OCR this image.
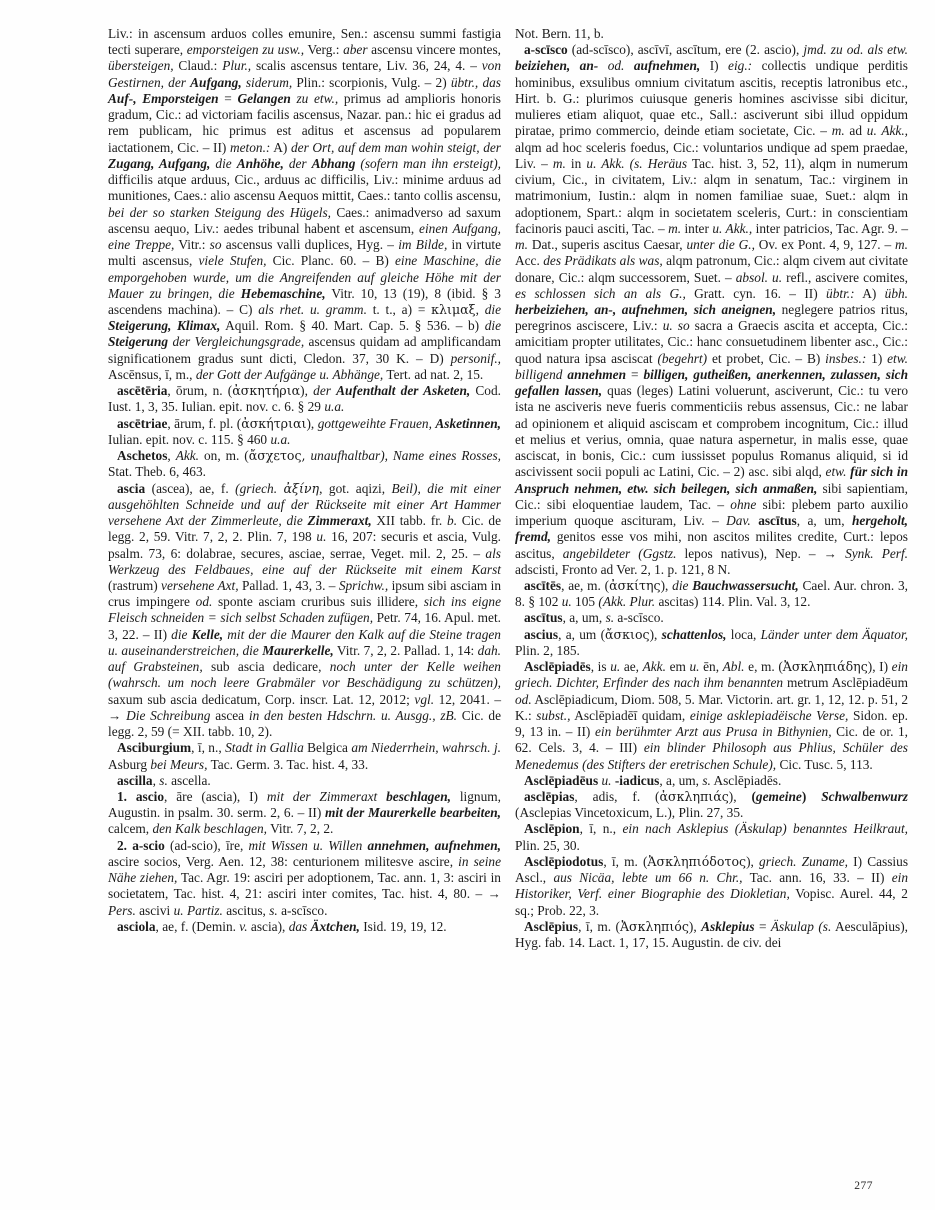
Liv.: in ascensum arduos colles emunire, Sen.: ascensu summi fastigia tecti superare, emporsteigen zu usw., Verg.: aber ascensu vincere montes, übersteigen, Claud.: Plur., scalis ascensus tentare, Liv. 36, 24, 4. – von Gestirnen, der Aufgang, siderum, Plin.: scorpionis, Vulg. – 2) übtr., das Auf-, Emporsteigen = Gelangen zu etw., primus ad amplioris honoris gradum, Cic.: ad victoriam facilis ascensus, Nazar. pan.: hic ei gradus ad rem publicam, hic primus est aditus et ascensus ad popularem iactationem, Cic. – II) meton.: A) der Ort, auf dem man wohin steigt, der Zugang, Aufgang, die Anhöhe, der Abhang (sofern man ihn ersteigt), difficilis atque arduus, Cic., arduus ac difficilis, Liv.: minime arduus ad munitiones, Caes.: alio ascensu Aequos mittit, Caes.: tanto collis ascensu, bei der so starken Steigung des Hügels, Caes.: animadverso ad saxum ascensu aequo, Liv.: aedes tribunal habent et ascensum, einen Aufgang, eine Treppe, Vitr.: so ascensus valli duplices, Hyg. – im Bilde, in virtute multi ascensus, viele Stufen, Cic. Planc. 60. – B) eine Maschine, die emporgehoben wurde, um die Angreifenden auf gleiche Höhe mit der Mauer zu bringen, die Hebemaschine, Vitr. 10, 13 (19), 8 (ibid. § 3 ascendens machina). – C) als rhet. u. gramm. t. t., a) = κλιμαξ, die Steigerung, Klimax, Aquil. Rom. § 40. Mart. Cap. 5. § 536. – b) die Steigerung der Vergleichungsgrade, ascensus quidam ad amplificandam significationem gradus sunt dicti, Cledon. 37, 30 K. – D) personif., Ascēnsus, ī, m., der Gott der Aufgänge u. Abhänge, Tert. ad nat. 2, 15.

ascētēria, ōrum, n. (ἀσκητήρια), der Aufenthalt der Asketen, Cod. Iust. 1, 3, 35. Iulian. epit. nov. c. 6. § 29 u.a.

ascētriae, ārum, f. pl. (ἀσκήτριαι), gottgeweihte Frauen, Asketinnen, Iulian. epit. nov. c. 115. § 460 u.a.

Aschetos, Akk. on, m. (ἄσχετος, unaufhaltbar), Name eines Rosses, Stat. Theb. 6, 463.

ascia (ascea), ae, f. (griech. ἀξίνη, got. aqizi, Beil), die mit einer ausgehöhlten Schneide und auf der Rückseite mit einer Art Hammer versehene Axt der Zimmerleute, die Zimmeraxt, XII tabb. fr. b. Cic. de legg. 2, 59. Vitr. 7, 2, 2. Plin. 7, 198 u. 16, 207: securis et ascia, Vulg. psalm. 73, 6: dolabrae, secures, asciae, serrae, Veget. mil. 2, 25. – als Werkzeug des Feldbaues, eine auf der Rückseite mit einem Karst (rastrum) versehene Axt, Pallad. 1, 43, 3. – Sprichw., ipsum sibi asciam in crus impingere od. sponte asciam cruribus suis illidere, sich ins eigne Fleisch schneiden = sich selbst Schaden zufügen, Petr. 74, 16. Apul. met. 3, 22. – II) die Kelle, mit der die Maurer den Kalk auf die Steine tragen u. auseinanderstreichen, die Maurerkelle, Vitr. 7, 2, 2. Pallad. 1, 14: dah. auf Grabsteinen, sub ascia dedicare, noch unter der Kelle weihen (wahrsch. um noch leere Grabmäler vor Beschädigung zu schützen), saxum sub ascia dedicatum, Corp. inscr. Lat. 12, 2012; vgl. 12, 2041. – → Die Schreibung ascea in den besten Hdschrn. u. Ausgg., zB. Cic. de legg. 2, 59 (= XII. tabb. 10, 2).

Asciburgium, ī, n., Stadt in Gallia Belgica am Niederrhein, wahrsch. j. Asburg bei Meurs, Tac. Germ. 3. Tac. hist. 4, 33.

ascilla, s. ascella.

1. ascio, āre (ascia), I) mit der Zimmeraxt beschlagen, lignum, Augustin. in psalm. 30. serm. 2, 6. – II) mit der Maurerkelle bearbeiten, calcem, den Kalk beschlagen, Vitr. 7, 2, 2.

2. a-scio (ad-scio), īre, mit Wissen u. Willen annehmen, aufnehmen, ascire socios, Verg. Aen. 12, 38: centurionem militesve ascire, in seine Nähe ziehen, Tac. Agr. 19: asciri per adoptionem, Tac. ann. 1, 3: asciri in societatem, Tac. hist. 4, 21: asciri inter comites, Tac. hist. 4, 80. – → Pers. ascivi u. Partiz. ascitus, s. a-scīsco.

asciola, ae, f. (Demin. v. ascia), das Äxtchen, Isid. 19, 19, 12.

Not. Bern. 11, b.

a-scīsco (ad-scīsco), ascīvī, ascītum, ere (2. ascio), jmd. zu od. als etw. beiziehen, an- od. aufnehmen, I) eig.: collectis undique perditis hominibus, exsulibus omnium civitatum ascitis, receptis latronibus etc., Hirt. b. G.: plurimos cuiusque generis homines ascivisse sibi dicitur, mulieres etiam aliquot, quae etc., Sall.: asciverunt sibi illud oppidum piratae, primo commercio, deinde etiam societate, Cic. – m. ad u. Akk., alqm ad hoc sceleris foedus, Cic.: voluntarios undique ad spem praedae, Liv. – m. in u. Akk. (s. Heräus Tac. hist. 3, 52, 11), alqm in numerum civium, Cic., in civitatem, Liv.: alqm in senatum, Tac.: virginem in matrimonium, Iustin.: alqm in nomen familiae suae, Suet.: alqm in adoptionem, Spart.: alqm in societatem sceleris, Curt.: in conscientiam facinoris pauci asciti, Tac. – m. inter u. Akk., inter patricios, Tac. Agr. 9. – m. Dat., superis ascitus Caesar, unter die G., Ov. ex Pont. 4, 9, 127. – m. Acc. des Prädikats als was, alqm patronum, Cic.: alqm civem aut civitate donare, Cic.: alqm successorem, Suet. – absol. u. refl., ascivere comites, es schlossen sich an als G., Gratt. cyn. 16. – II) übtr.: A) übh. herbeiziehen, an-, aufnehmen, sich aneignen, neglegere patrios ritus, peregrinos asciscere, Liv.: u. so sacra a Graecis ascita et accepta, Cic.: amicitiam propter utilitates, Cic.: hanc consuetudinem libenter asc., Cic.: quod natura ipsa asciscat (begehrt) et probet, Cic. – B) insbes.: 1) etw. billigend annehmen = billigen, gutheißen, anerkennen, zulassen, sich gefallen lassen, quas (leges) Latini voluerunt, asciverunt, Cic.: tu vero ista ne asciveris neve fueris commenticiis rebus assensus, Cic.: ne labar ad opinionem et aliquid asciscam et comprobem incognitum, Cic.: illud et melius et verius, omnia, quae natura aspernetur, in malis esse, quae asciscat, in bonis, Cic.: cum iussisset populus Romanus aliquid, si id ascivissent socii populi ac Latini, Cic. – 2) asc. sibi alqd, etw. für sich in Anspruch nehmen, etw. sich beilegen, sich anmaßen, sibi sapientiam, Cic.: sibi eloquentiae laudem, Tac. – ohne sibi: plebem parto auxilio imperium quoque ascituram, Liv. – Dav. ascītus, a, um, hergeholt, fremd, genitos esse vos mihi, non ascitos milites credite, Curt.: lepos ascitus, angebildeter (Ggstz. lepos nativus), Nep. – → Synk. Perf. adscisti, Fronto ad Ver. 2, 1. p. 121, 8 N.

ascītēs, ae, m. (ἀσκίτης), die Bauchwassersucht, Cael. Aur. chron. 3, 8. § 102 u. 105 (Akk. Plur. ascitas) 114. Plin. Val. 3, 12.

ascītus, a, um, s. a-scīsco.

ascius, a, um (ἄσκιος), schattenlos, loca, Länder unter dem Äquator, Plin. 2, 185.

Asclēpiadēs, is u. ae, Akk. em u. ēn, Abl. e, m. (Ἀσκληπιάδης), I) ein griech. Dichter, Erfinder des nach ihm benannten metrum Asclēpiadēum od. Asclēpiadicum, Diom. 508, 5. Mar. Victorin. art. gr. 1, 12, 12. p. 51, 2 K.: subst., Asclēpiadēī quidam, einige asklepiadëische Verse, Sidon. ep. 9, 13 in. – II) ein berühmter Arzt aus Prusa in Bithynien, Cic. de or. 1, 62. Cels. 3, 4. – III) ein blinder Philosoph aus Phlius, Schüler des Menedemus (des Stifters der eretrischen Schule), Cic. Tusc. 5, 113.

Asclēpiadēus u. -iadicus, a, um, s. Asclēpiadēs.

asclēpias, adis, f. (ἀσκληπιάς), (gemeine) Schwalbenwurz (Asclepias Vincetoxicum, L.), Plin. 27, 35.

Asclēpion, ī, n., ein nach Asklepius (Äskulap) benanntes Heilkraut, Plin. 25, 30.

Asclēpiodotus, ī, m. (Ἀσκληπιόδοτος), griech. Zuname, I) Cassius Ascl., aus Nicäa, lebte um 66 n. Chr., Tac. ann. 16, 33. – II) ein Historiker, Verf. einer Biographie des Diokletian, Vopisc. Aurel. 44, 2 sq.; Prob. 22, 3.

Asclēpius, ī, m. (Ἀσκληπιός), Asklepius = Äskulap (s. Aesculāpius), Hyg. fab. 14. Lact. 1, 17, 15. Augustin. de civ. dei

277
